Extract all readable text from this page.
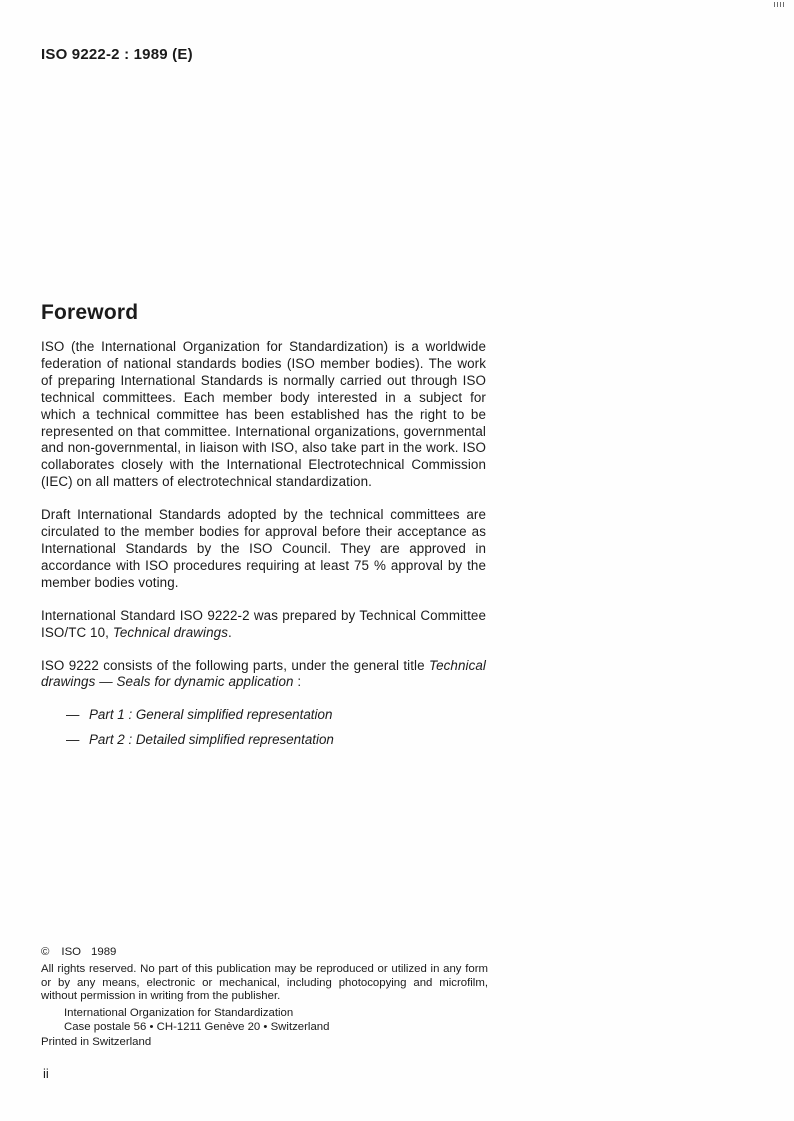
ISO 9222-2 : 1989 (E)
Foreword

ISO (the International Organization for Standardization) is a worldwide federation of national standards bodies (ISO member bodies). The work of preparing International Standards is normally carried out through ISO technical committees. Each member body interested in a subject for which a technical committee has been established has the right to be represented on that committee. International organizations, governmental and non-governmental, in liaison with ISO, also take part in the work. ISO collaborates closely with the International Electrotechnical Commission (IEC) on all matters of electrotechnical standardization.

Draft International Standards adopted by the technical committees are circulated to the member bodies for approval before their acceptance as International Standards by the ISO Council. They are approved in accordance with ISO procedures requiring at least 75 % approval by the member bodies voting.

International Standard ISO 9222-2 was prepared by Technical Committee ISO/TC 10, Technical drawings.

ISO 9222 consists of the following parts, under the general title Technical drawings — Seals for dynamic application :

— Part 1 : General simplified representation
— Part 2 : Detailed simplified representation
© ISO 1989

All rights reserved. No part of this publication may be reproduced or utilized in any form or by any means, electronic or mechanical, including photocopying and microfilm, without permission in writing from the publisher.

International Organization for Standardization
Case postale 56 • CH-1211 Genève 20 • Switzerland
Printed in Switzerland
ii
